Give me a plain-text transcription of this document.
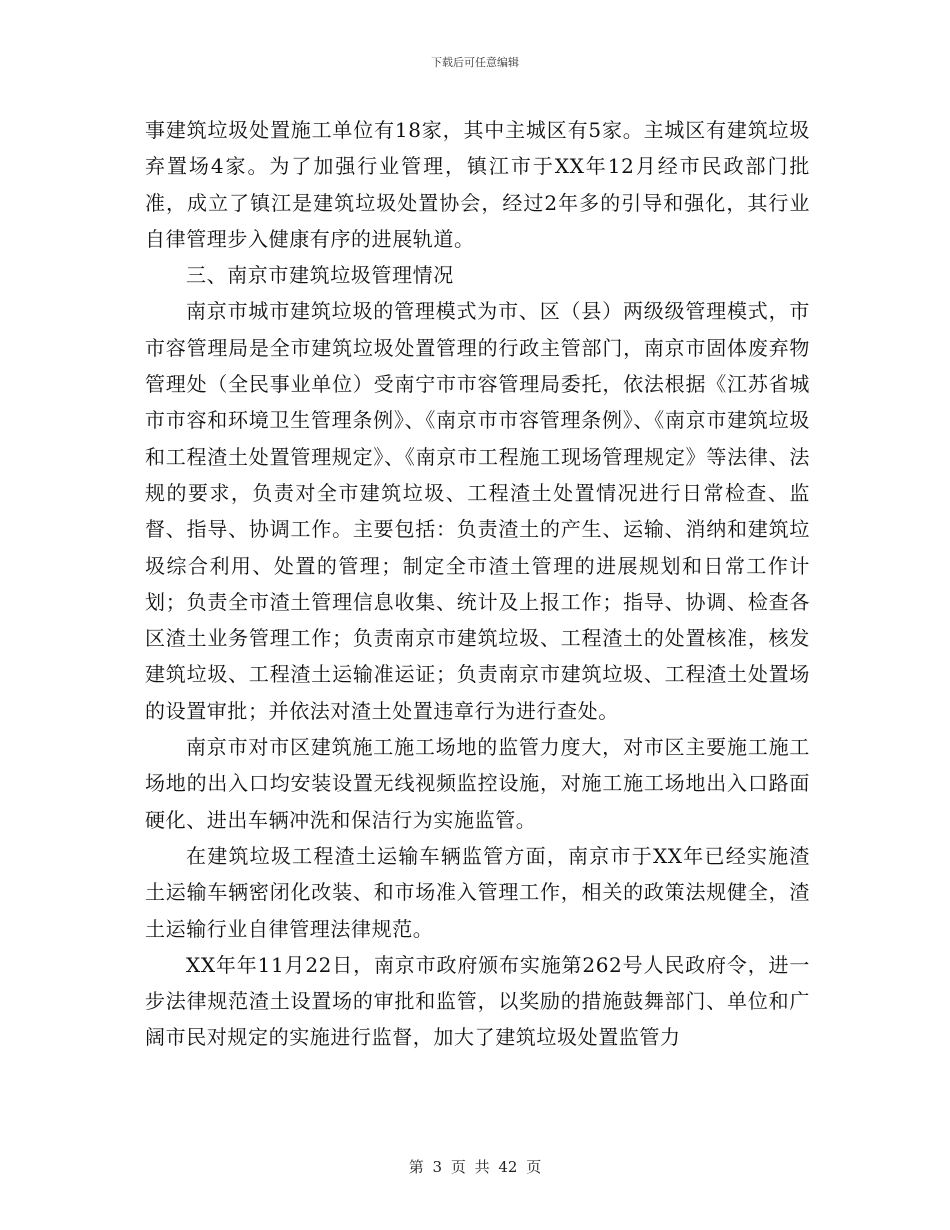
下载后可任意编辑

事建筑垃圾处置施工单位有18家，其中主城区有5家。主城区有建筑垃圾弃置场4家。为了加强行业管理，镇江市于XX年12月经市民政部门批准，成立了镇江是建筑垃圾处置协会，经过2年多的引导和强化，其行业自律管理步入健康有序的进展轨道。

三、南京市建筑垃圾管理情况

南京市城市建筑垃圾的管理模式为市、区（县）两级级管理模式，市市容管理局是全市建筑垃圾处置管理的行政主管部门，南京市固体废弃物管理处（全民事业单位）受南宁市市容管理局委托，依法根据《江苏省城市市容和环境卫生管理条例》、《南京市市容管理条例》、《南京市建筑垃圾和工程渣土处置管理规定》、《南京市工程施工现场管理规定》等法律、法规的要求，负责对全市建筑垃圾、工程渣土处置情况进行日常检查、监督、指导、协调工作。主要包括：负责渣土的产生、运输、消纳和建筑垃圾综合利用、处置的管理；制定全市渣土管理的进展规划和日常工作计划；负责全市渣土管理信息收集、统计及上报工作；指导、协调、检查各区渣土业务管理工作；负责南京市建筑垃圾、工程渣土的处置核准，核发建筑垃圾、工程渣土运输准运证；负责南京市建筑垃圾、工程渣土处置场的设置审批；并依法对渣土处置违章行为进行查处。

南京市对市区建筑施工施工场地的监管力度大，对市区主要施工施工场地的出入口均安装设置无线视频监控设施，对施工施工场地出入口路面硬化、进出车辆冲洗和保洁行为实施监管。

在建筑垃圾工程渣土运输车辆监管方面，南京市于XX年已经实施渣土运输车辆密闭化改装、和市场准入管理工作，相关的政策法规健全，渣土运输行业自律管理法律规范。

XX年年11月22日，南京市政府颁布实施第262号人民政府令，进一步法律规范渣土设置场的审批和监管，以奖励的措施鼓舞部门、单位和广阔市民对规定的实施进行监督，加大了建筑垃圾处置监管力

第 3 页 共 42 页
